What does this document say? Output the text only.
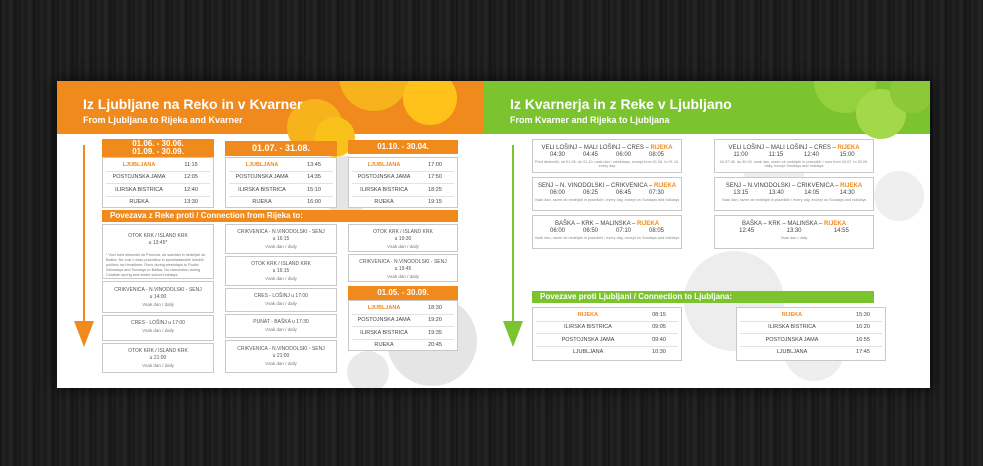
Iz Ljubljane na Reko in v Kvarner
From Ljubljana to Rijeka and Kvarner
01.06. - 30.06.
01.09. - 30.09.
LJUBLJANA	11:15
POSTOJNSKA JAMA	12:05
ILIRSKA BISTRICA	12:40
RIJEKA	13:30
01.07. - 31.08.
LJUBLJANA	13:45
POSTOJNSKA JAMA	14:35
ILIRSKA BISTRICA	15:10
RIJEKA	16:00
01.10. - 30.04.
LJUBLJANA	17:00
POSTOJNSKA JAMA	17:50
ILIRSKA BISTRICA	18:25
RIJEKA	19:15
Povezava z Reke proti / Connection from Rijeka to:
OTOK KRK / ISLAND KRK
u 13:45*
* Vozi med delavniki ob Povezia, ob sobotah in nedeljah do Baške. Ne vozi v času praznikov in spomladanskih šolskih počitnic na Hrvaškem. Runs during weekdays to Povile, Saturdays and Sundays to Baška. No connection during Croatian spring and winter school holidays.
CRIKVENICA - N.VINODOLSKI - SENJ
u 14:00
Vsak dan / daily
CRES - LOŠINJ u 17:00
Vsak dan / daily
OTOK KRK / ISLAND KRK
u 21:00
Vsak dan / daily
CRIKVENICA - N.VINODOLSKI - SENJ
u 16:15
Vsak dan / daily
OTOK KRK / ISLAND KRK
u 16:15
Vsak dan / daily
CRES - LOŠINJ u 17:00
Vsak dan / daily
PUNAT - BAŠKA u 17:30
Vsak dan / daily
CRIKVENICA - N.VINODOLSKI - SENJ
u 21:00
Vsak dan / daily
OTOK KRK / ISLAND KRK
u 19:30
Vsak dan / daily
CRIKVENICA - N.VINODOLSKI - SENJ
u 19:45
Vsak dan / daily
01.05. - 30.09.
LJUBLJANA	18:30
POSTOJNSKA JAMA	19:20
ILIRSKA BISTRICA	19:35
RIJEKA	20:45
Iz Kvarnerja in z Reke v Ljubljano
From Kvarner and Rijeka to Ljubljana
VELI LOŠINJ – MALI LOŠINJ – CRES – RIJEKA
04:30	04:45	06:00	08:05
Pred delavniki, od 01.06. do 01.10. vsak dan / weekdays, except from 01.06. to 01.10. every day
VELI LOŠINJ – MALI LOŠINJ – CRES – RIJEKA
11:00	11:15	12:40	15:00
04.07-06. do 30.09. vsak dan, razen ob nedeljah in praznikih / runs from 04.07. to 30.09. daily, except Sundays and holidays
SENJ – N. VINODOLSKI – CRIKVENICA – RIJEKA
06:00	06:25	06:45	07:30
Vsak dan, razen ob nedeljah in praznikih / every day, except on Sundays and holidays
SENJ – N.VINODOLSKI – CRIKVENICA – RIJEKA
13:15	13:40	14:05	14:30
Vsak dan, razen ob nedeljah in praznikih / every day, except on Sundays and holidays
BAŠKA – KRK – MALINSKA – RIJEKA
06:00	06:50	07:10	08:05
Vsak dan, razen ob nedeljah in praznikih / every day, except on Sundays and holidays
BAŠKA – KRK – MALINSKA – RIJEKA
12:45	13:30	14:55
Vsak dan / daily
Povezave proti Ljubljani / Connection to Ljubljana:
RIJEKA	08:15
ILIRSKA BISTRICA	09:05
POSTOJNSKA JAMA	09:40
LJUBLJANA	10:30
RIJEKA	15:30
ILIRSKA BISTRICA	16:20
POSTOJNSKA JAMA	16:55
LJUBLJANA	17:45
